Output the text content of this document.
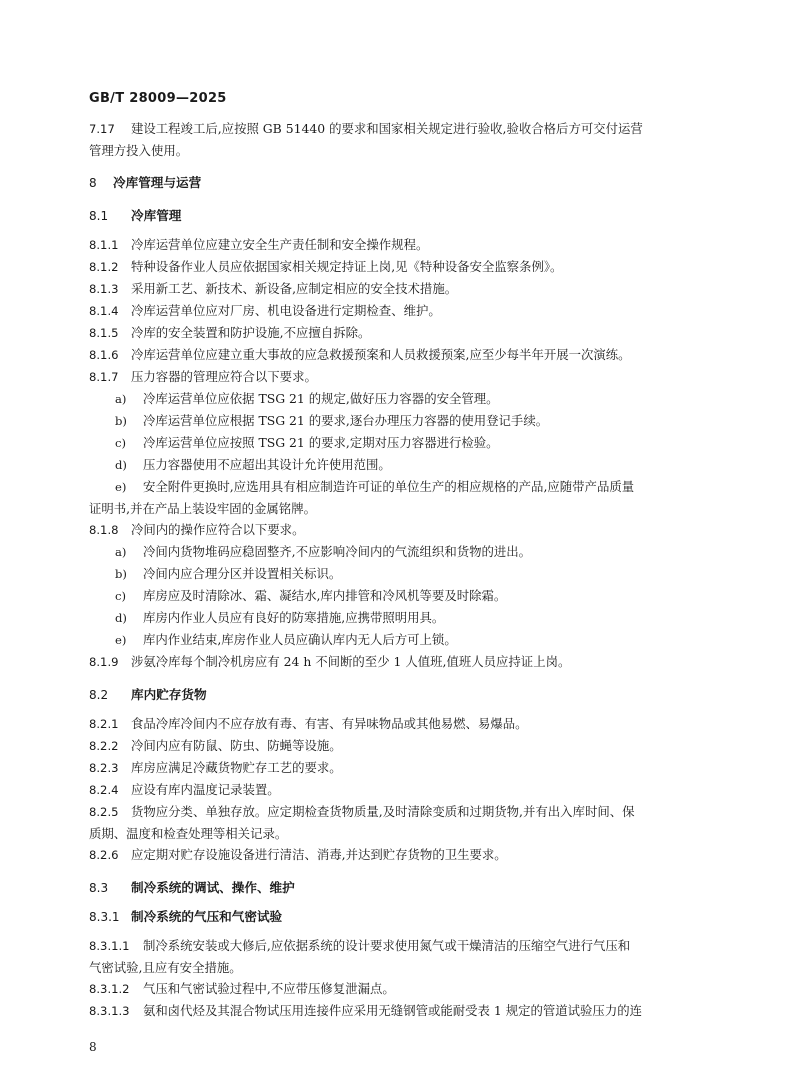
GB/T 28009—2025

7.17 建设工程竣工后,应按照 GB 51440 的要求和国家相关规定进行验收,验收合格后方可交付运营

管理方投入使用。

8 冷库管理与运营

8.1 冷库管理

8.1.1 冷库运营单位应建立安全生产责任制和安全操作规程。

8.1.2 特种设备作业人员应依据国家相关规定持证上岗,见《特种设备安全监察条例》。

8.1.3 采用新工艺、新技术、新设备,应制定相应的安全技术措施。

8.1.4 冷库运营单位应对厂房、机电设备进行定期检查、维护。

8.1.5 冷库的安全装置和防护设施,不应擅自拆除。

8.1.6 冷库运营单位应建立重大事故的应急救援预案和人员救援预案,应至少每半年开展一次演练。

8.1.7 压力容器的管理应符合以下要求。

a) 冷库运营单位应依据 TSG 21 的规定,做好压力容器的安全管理。

b) 冷库运营单位应根据 TSG 21 的要求,逐台办理压力容器的使用登记手续。

c) 冷库运营单位应按照 TSG 21 的要求,定期对压力容器进行检验。

d) 压力容器使用不应超出其设计允许使用范围。

e) 安全附件更换时,应选用具有相应制造许可证的单位生产的相应规格的产品,应随带产品质量

证明书,并在产品上装设牢固的金属铭牌。

8.1.8 冷间内的操作应符合以下要求。

a) 冷间内货物堆码应稳固整齐,不应影响冷间内的气流组织和货物的进出。

b) 冷间内应合理分区并设置相关标识。

c) 库房应及时清除冰、霜、凝结水,库内排管和冷风机等要及时除霜。

d) 库房内作业人员应有良好的防寒措施,应携带照明用具。

e) 库内作业结束,库房作业人员应确认库内无人后方可上锁。

8.1.9 涉氨冷库每个制冷机房应有 24 h 不间断的至少 1 人值班,值班人员应持证上岗。

8.2 库内贮存货物

8.2.1 食品冷库冷间内不应存放有毒、有害、有异味物品或其他易燃、易爆品。

8.2.2 冷间内应有防鼠、防虫、防蝇等设施。

8.2.3 库房应满足冷藏货物贮存工艺的要求。

8.2.4 应设有库内温度记录装置。

8.2.5 货物应分类、单独存放。应定期检查货物质量,及时清除变质和过期货物,并有出入库时间、保

质期、温度和检查处理等相关记录。

8.2.6 应定期对贮存设施设备进行清洁、消毒,并达到贮存货物的卫生要求。

8.3 制冷系统的调试、操作、维护

8.3.1 制冷系统的气压和气密试验

8.3.1.1 制冷系统安装或大修后,应依据系统的设计要求使用氮气或干燥清洁的压缩空气进行气压和

气密试验,且应有安全措施。

8.3.1.2 气压和气密试验过程中,不应带压修复泄漏点。

8.3.1.3 氨和卤代烃及其混合物试压用连接件应采用无缝钢管或能耐受表 1 规定的管道试验压力的连

8
